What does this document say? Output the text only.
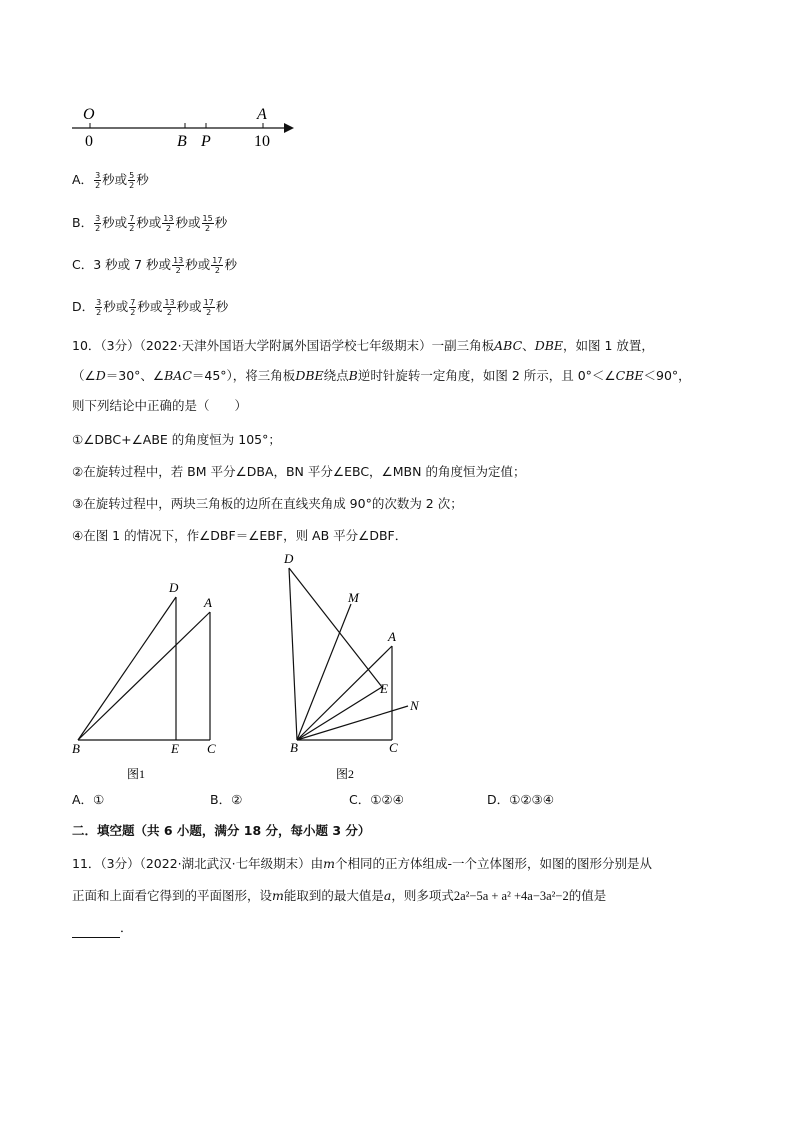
O
0
A
10
B P
A． $\frac{3}{2}$ 秒或 $\frac{5}{2}$ 秒
B． $\frac{3}{2}$ 秒或 $\frac{7}{2}$ 秒或 $\frac{13}{2}$ 秒或 $\frac{15}{2}$ 秒
C．3 秒或 7 秒或 $\frac{13}{2}$ 秒或 $\frac{17}{2}$ 秒
D． $\frac{3}{2}$ 秒或 $\frac{7}{2}$ 秒或 $\frac{13}{2}$ 秒或 $\frac{17}{2}$ 秒
10．（3分）（2022·天津外国语大学附属外国语学校七年级期末）一副三角板ABC、DBE，如图 1 放置，
（∠D＝30°、∠BAC＝45°），将三角板DBE绕点B逆时针旋转一定角度，如图 2 所示，且 0°＜∠CBE＜90°，
则下列结论中正确的是（　　）
①∠DBC+∠ABE 的角度恒为 105°；
②在旋转过程中，若 BM 平分∠DBA，BN 平分∠EBC，∠MBN 的角度恒为定值；
③在旋转过程中，两块三角板的边所在直线夹角成 90°的次数为 2 次；
④在图 1 的情况下，作∠DBF＝∠EBF，则 AB 平分∠DBF．
D
A
B	E C
图1
D
M
A
E
N
B	C
图2
A．①	B．②	C．①②④	D．①②③④
二．填空题（共 6 小题，满分 18 分，每小题 3 分）
11．（3分）（2022·湖北武汉·七年级期末）由m个相同的正方体组成-一个立体图形，如图的图形分别是从
正面和上面看它得到的平面图形，设m能取到的最大值是a，则多项式2a²−5a + a² +4a−3a²−2的值是
．
